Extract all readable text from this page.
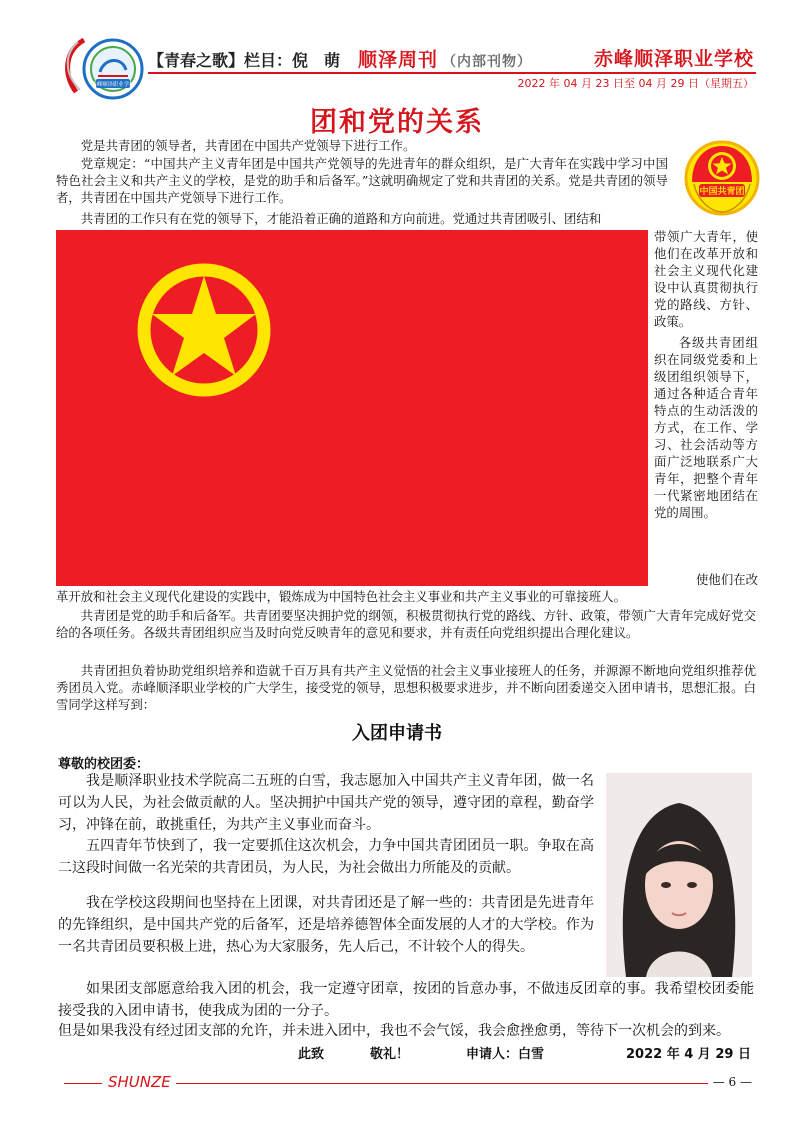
赤峰顺泽职业学校
【青春之歌】栏目：倪　萌 顺泽周刊 （内部刊物）	赤峰顺泽职业学校
2022 年 04 月 23 日至 04 月 29 日（星期五）
团和党的关系

党是共青团的领导者，共青团在中国共产党领导下进行工作。

党章规定：“中国共产主义青年团是中国共产党领导的先进青年的群众组织，是广大青年在实践中学习中国特色社会主义和共产主义的学校，是党的助手和后备军。”这就明确规定了党和共青团的关系。党是共青团的领导者，共青团在中国共产党领导下进行工作。

共青团的工作只有在党的领导下，才能沿着正确的道路和方向前进。党通过共青团吸引、团结和

中国共青团

带领广大青年，使他们在改革开放和社会主义现代化建设中认真贯彻执行党的路线、方针、政策。

各级共青团组织在同级党委和上级团组织领导下，通过各种适合青年特点的生动活泼的方式，在工作、学习、社会活动等方面广泛地联系广大青年，把整个青年一代紧密地团结在党的周围。

使他们在改

革开放和社会主义现代化建设的实践中，锻炼成为中国特色社会主义事业和共产主义事业的可靠接班人。

共青团是党的助手和后备军。共青团要坚决拥护党的纲领，积极贯彻执行党的路线、方针、政策，带领广大青年完成好党交给的各项任务。各级共青团组织应当及时向党反映青年的意见和要求，并有责任向党组织提出合理化建议。

共青团担负着协助党组织培养和造就千百万具有共产主义觉悟的社会主义事业接班人的任务，并源源不断地向党组织推荐优秀团员入党。赤峰顺泽职业学校的广大学生，接受党的领导，思想积极要求进步，并不断向团委递交入团申请书，思想汇报。白雪同学这样写到：

入团申请书
尊敬的校团委：

我是顺泽职业技术学院高二五班的白雪，我志愿加入中国共产主义青年团，做一名可以为人民，为社会做贡献的人。坚决拥护中国共产党的领导，遵守团的章程，勤奋学习，冲锋在前，敢挑重任，为共产主义事业而奋斗。

五四青年节快到了，我一定要抓住这次机会，力争中国共青团团员一职。争取在高二这段时间做一名光荣的共青团员，为人民，为社会做出力所能及的贡献。

我在学校这段期间也坚持在上团课，对共青团还是了解一些的：共青团是先进青年的先锋组织，是中国共产党的后备军，还是培养德智体全面发展的人才的大学校。作为一名共青团员要积极上进，热心为大家服务，先人后己，不计较个人的得失。

如果团支部愿意给我入团的机会，我一定遵守团章，按团的旨意办事，不做违反团章的事。我希望校团委能接受我的入团申请书，使我成为团的一分子。

但是如果我没有经过团支部的允许，并未进入团中，我也不会气馁，我会愈挫愈勇，等待下一次机会的到来。

此致	敬礼！	申请人：白雪	2022 年 4 月 29 日
SHUNZE	— 6 —
